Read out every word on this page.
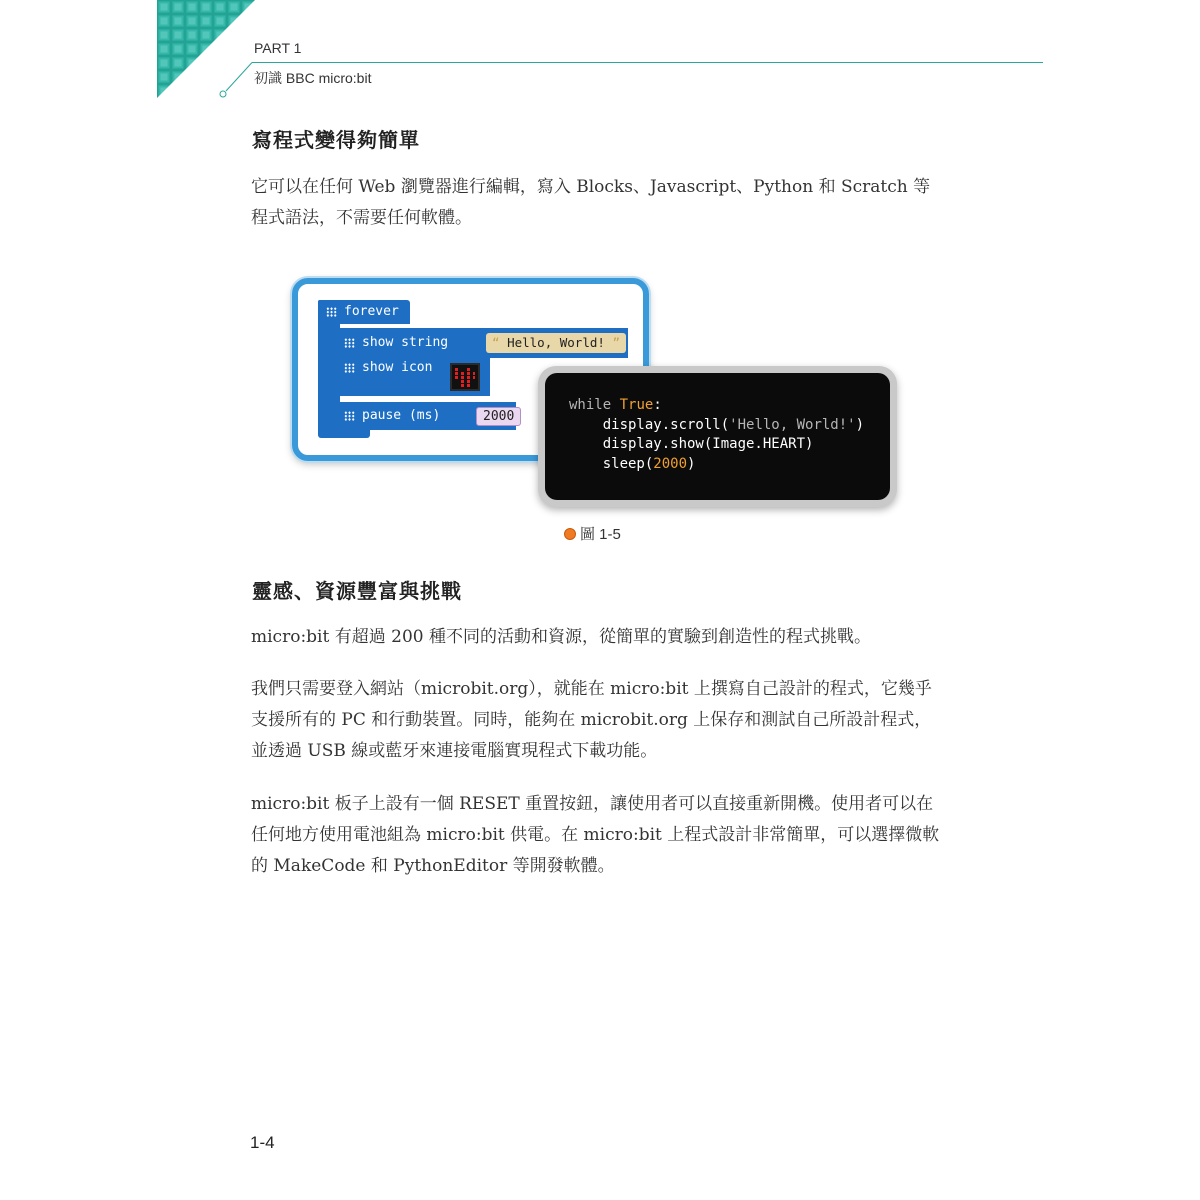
PART 1
初識 BBC micro:bit
寫程式變得夠簡單

它可以在任何 Web 瀏覽器進行編輯，寫入 Blocks、Javascript、Python 和 Scratch 等程式語法，不需要任何軟體。

forever
show string	“ Hello, World! ”
show icon
pause (ms)	2000
while True:
display.scroll('Hello, World!')
display.show(Image.HEART)
sleep(2000)
圖 1-5
靈感、資源豐富與挑戰

micro:bit 有超過 200 種不同的活動和資源，從簡單的實驗到創造性的程式挑戰。

我們只需要登入網站（microbit.org），就能在 micro:bit 上撰寫自己設計的程式，它幾乎支援所有的 PC 和行動裝置。同時，能夠在 microbit.org 上保存和測試自己所設計程式，並透過 USB 線或藍牙來連接電腦實現程式下載功能。

micro:bit 板子上設有一個 RESET 重置按鈕，讓使用者可以直接重新開機。使用者可以在任何地方使用電池組為 micro:bit 供電。在 micro:bit 上程式設計非常簡單，可以選擇微軟的 MakeCode 和 PythonEditor 等開發軟體。

1-4
